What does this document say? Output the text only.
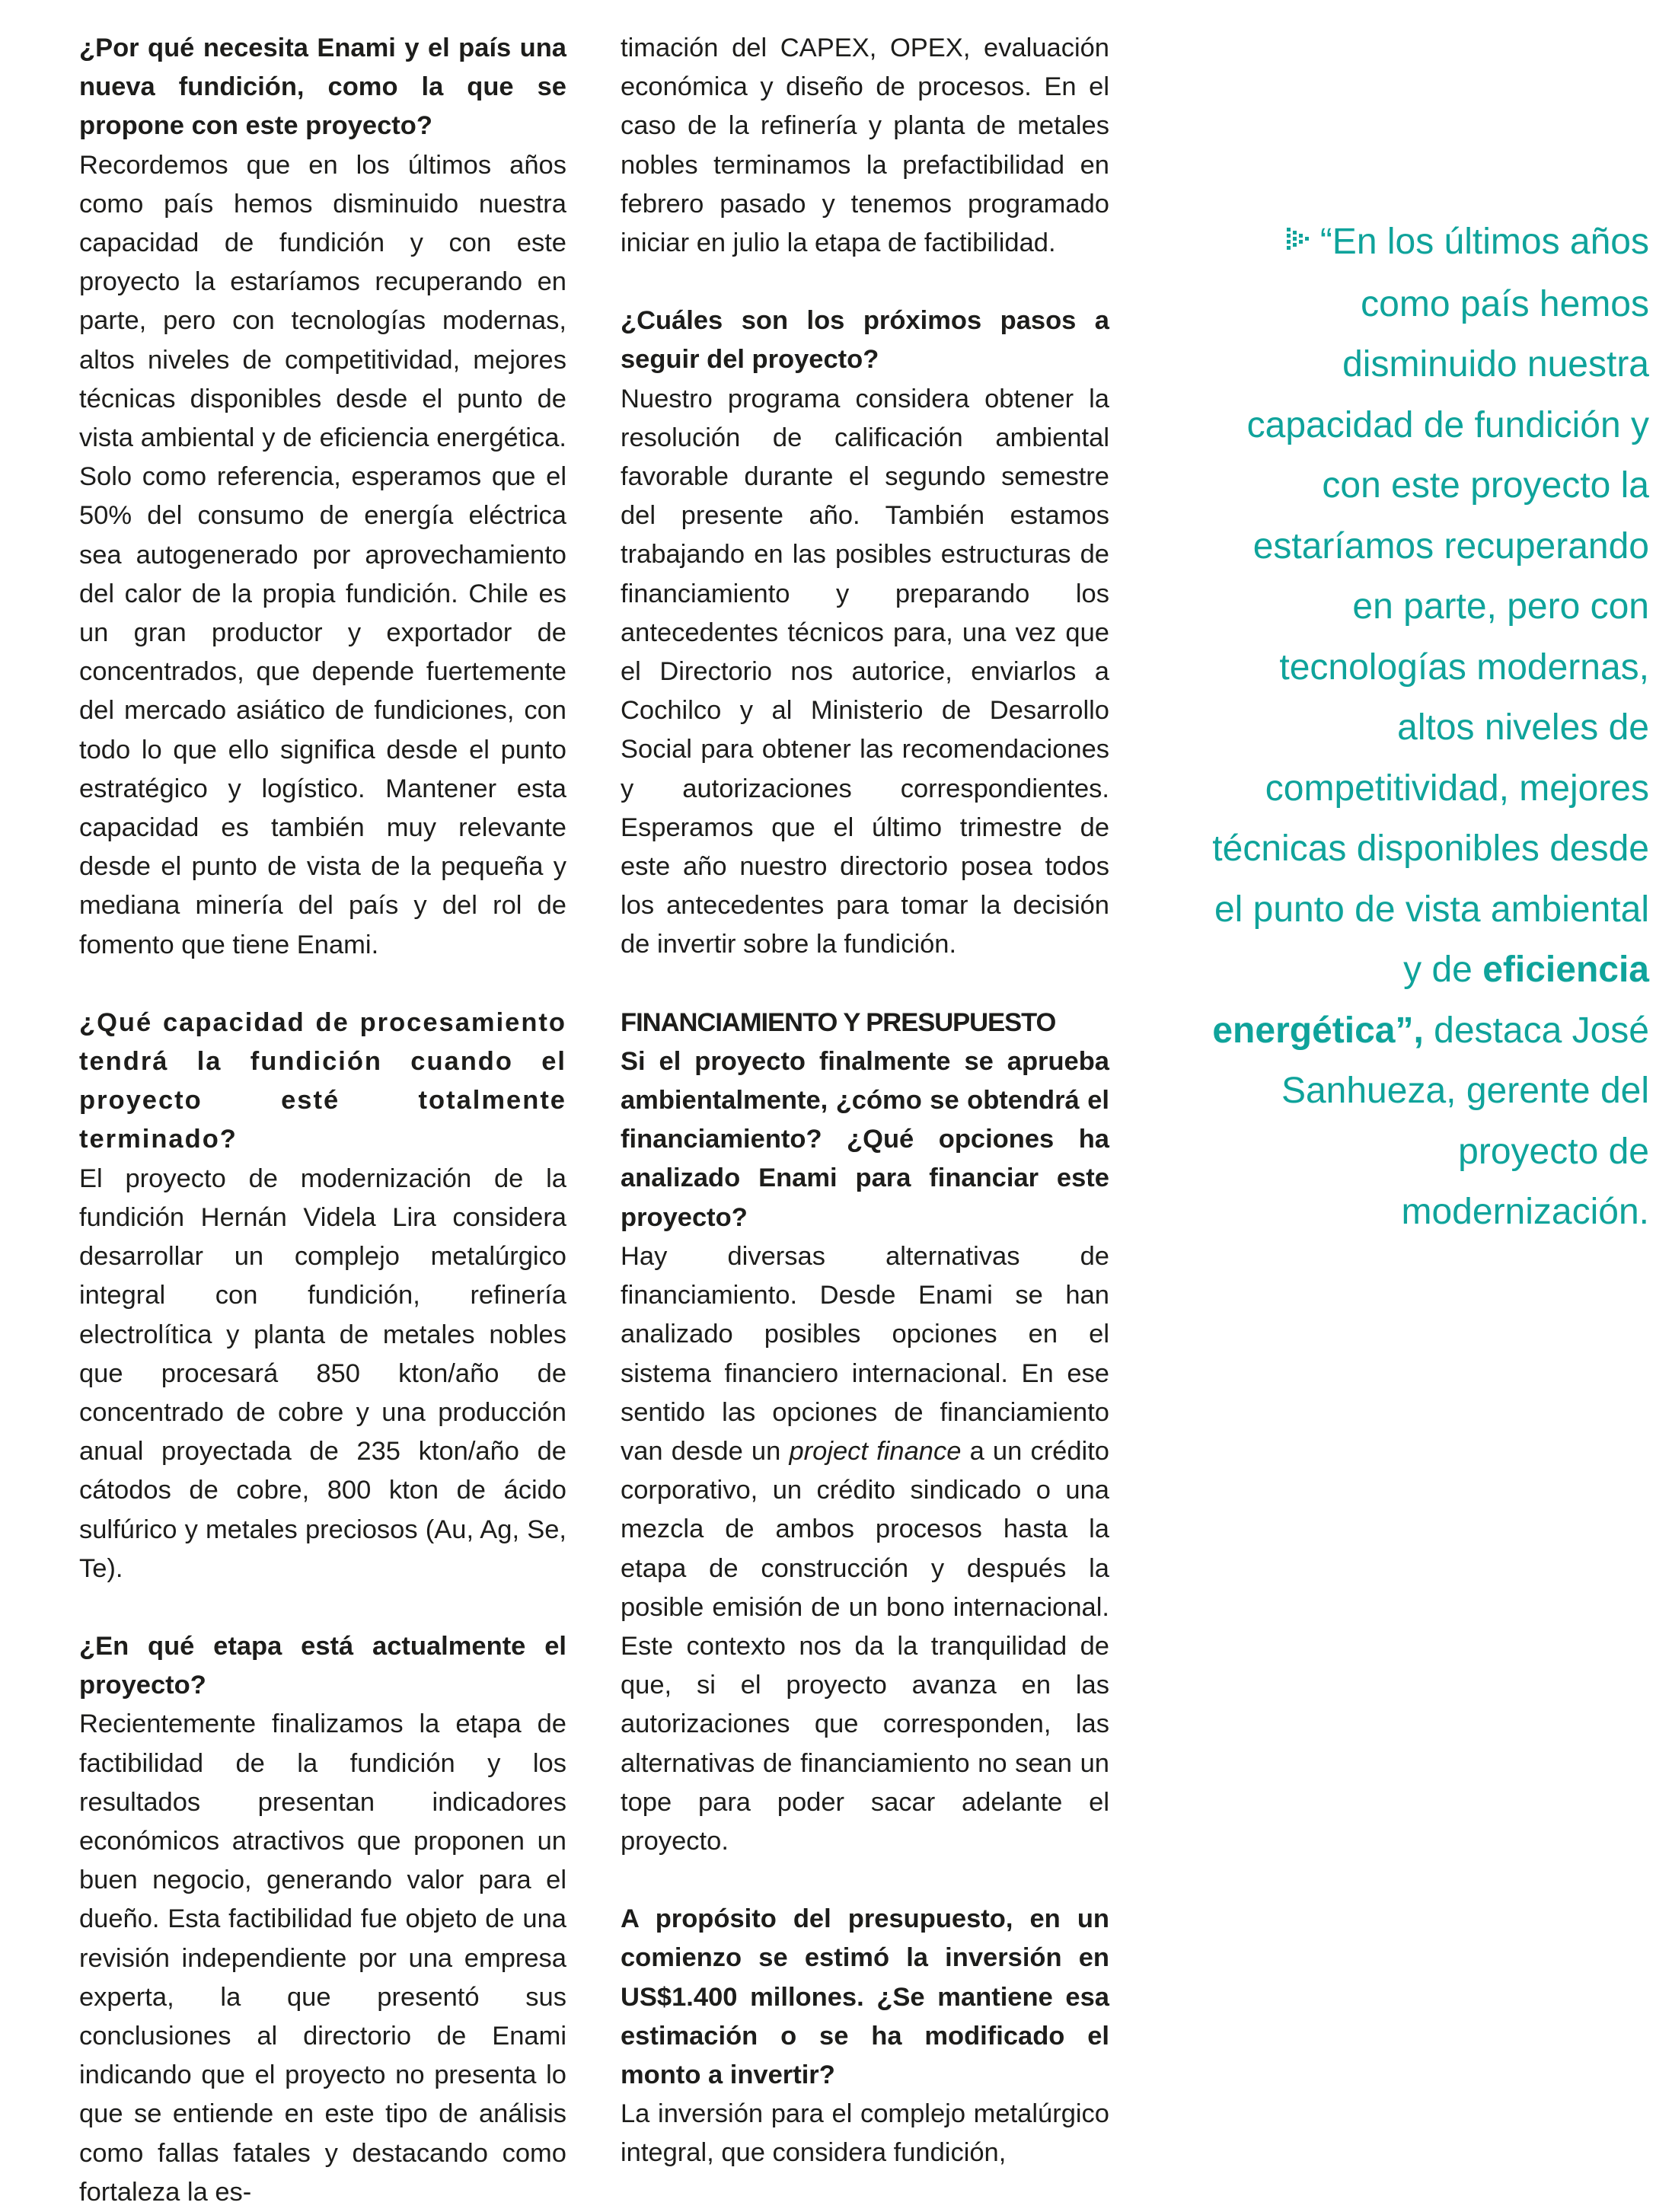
¿Por qué necesita Enami y el país una nueva fundición, como la que se propone con este proyecto?

Recordemos que en los últimos años como país hemos disminuido nuestra capacidad de fundición y con este proyecto la estaríamos recuperando en parte, pero con tecnologías modernas, altos niveles de competitividad, mejores técnicas disponibles desde el punto de vista ambiental y de eficiencia energética. Solo como referencia, esperamos que el 50% del consumo de energía eléctrica sea autogenerado por aprovechamiento del calor de la propia fundición. Chile es un gran productor y exportador de concentrados, que depende fuertemente del mercado asiático de fundiciones, con todo lo que ello significa desde el punto estratégico y logístico. Mantener esta capacidad es también muy relevante desde el punto de vista de la pequeña y mediana minería del país y del rol de fomento que tiene Enami.

¿Qué capacidad de procesamiento tendrá la fundición cuando el proyecto esté totalmente terminado?

El proyecto de modernización de la fundición Hernán Videla Lira considera desarrollar un complejo metalúrgico integral con fundición, refinería electrolítica y planta de metales nobles que procesará 850 kton/año de concentrado de cobre y una producción anual proyectada de 235 kton/año de cátodos de cobre, 800 kton de ácido sulfúrico y metales preciosos (Au, Ag, Se, Te).

¿En qué etapa está actualmente el proyecto?

Recientemente finalizamos la etapa de factibilidad de la fundición y los resultados presentan indicadores económicos atractivos que proponen un buen negocio, generando valor para el dueño. Esta factibilidad fue objeto de una revisión independiente por una empresa experta, la que presentó sus conclusiones al directorio de Enami indicando que el proyecto no presenta lo que se entiende en este tipo de análisis como fallas fatales y destacando como fortaleza la es-

timación del CAPEX, OPEX, evaluación económica y diseño de procesos. En el caso de la refinería y planta de metales nobles terminamos la prefactibilidad en febrero pasado y tenemos programado iniciar en julio la etapa de factibilidad.

¿Cuáles son los próximos pasos a seguir del proyecto?

Nuestro programa considera obtener la resolución de calificación ambiental favorable durante el segundo semestre del presente año. También estamos trabajando en las posibles estructuras de financiamiento y preparando los antecedentes técnicos para, una vez que el Directorio nos autorice, enviarlos a Cochilco y al Ministerio de Desarrollo Social para obtener las recomendaciones y autorizaciones correspondientes. Esperamos que el último trimestre de este año nuestro directorio posea todos los antecedentes para tomar la decisión de invertir sobre la fundición.

FINANCIAMIENTO Y PRESUPUESTO

Si el proyecto finalmente se aprueba ambientalmente, ¿cómo se obtendrá el financiamiento? ¿Qué opciones ha analizado Enami para financiar este proyecto?

Hay diversas alternativas de financiamiento. Desde Enami se han analizado posibles opciones en el sistema financiero internacional. En ese sentido las opciones de financiamiento van desde un project finance a un crédito corporativo, un crédito sindicado o una mezcla de ambos procesos hasta la etapa de construcción y después la posible emisión de un bono internacional. Este contexto nos da la tranquilidad de que, si el proyecto avanza en las autorizaciones que corresponden, las alternativas de financiamiento no sean un tope para poder sacar adelante el proyecto.

A propósito del presupuesto, en un comienzo se estimó la inversión en US$1.400 millones. ¿Se mantiene esa estimación o se ha modificado el monto a invertir?

La inversión para el complejo metalúrgico integral, que considera fundición,

“En los últimos años como país hemos disminuido nuestra capacidad de fundición y con este proyecto la estaríamos recuperando en parte, pero con tecnologías modernas, altos niveles de competitividad, mejores técnicas disponibles desde el punto de vista ambiental y de eficiencia energética”, destaca José Sanhueza, gerente del proyecto de modernización.
